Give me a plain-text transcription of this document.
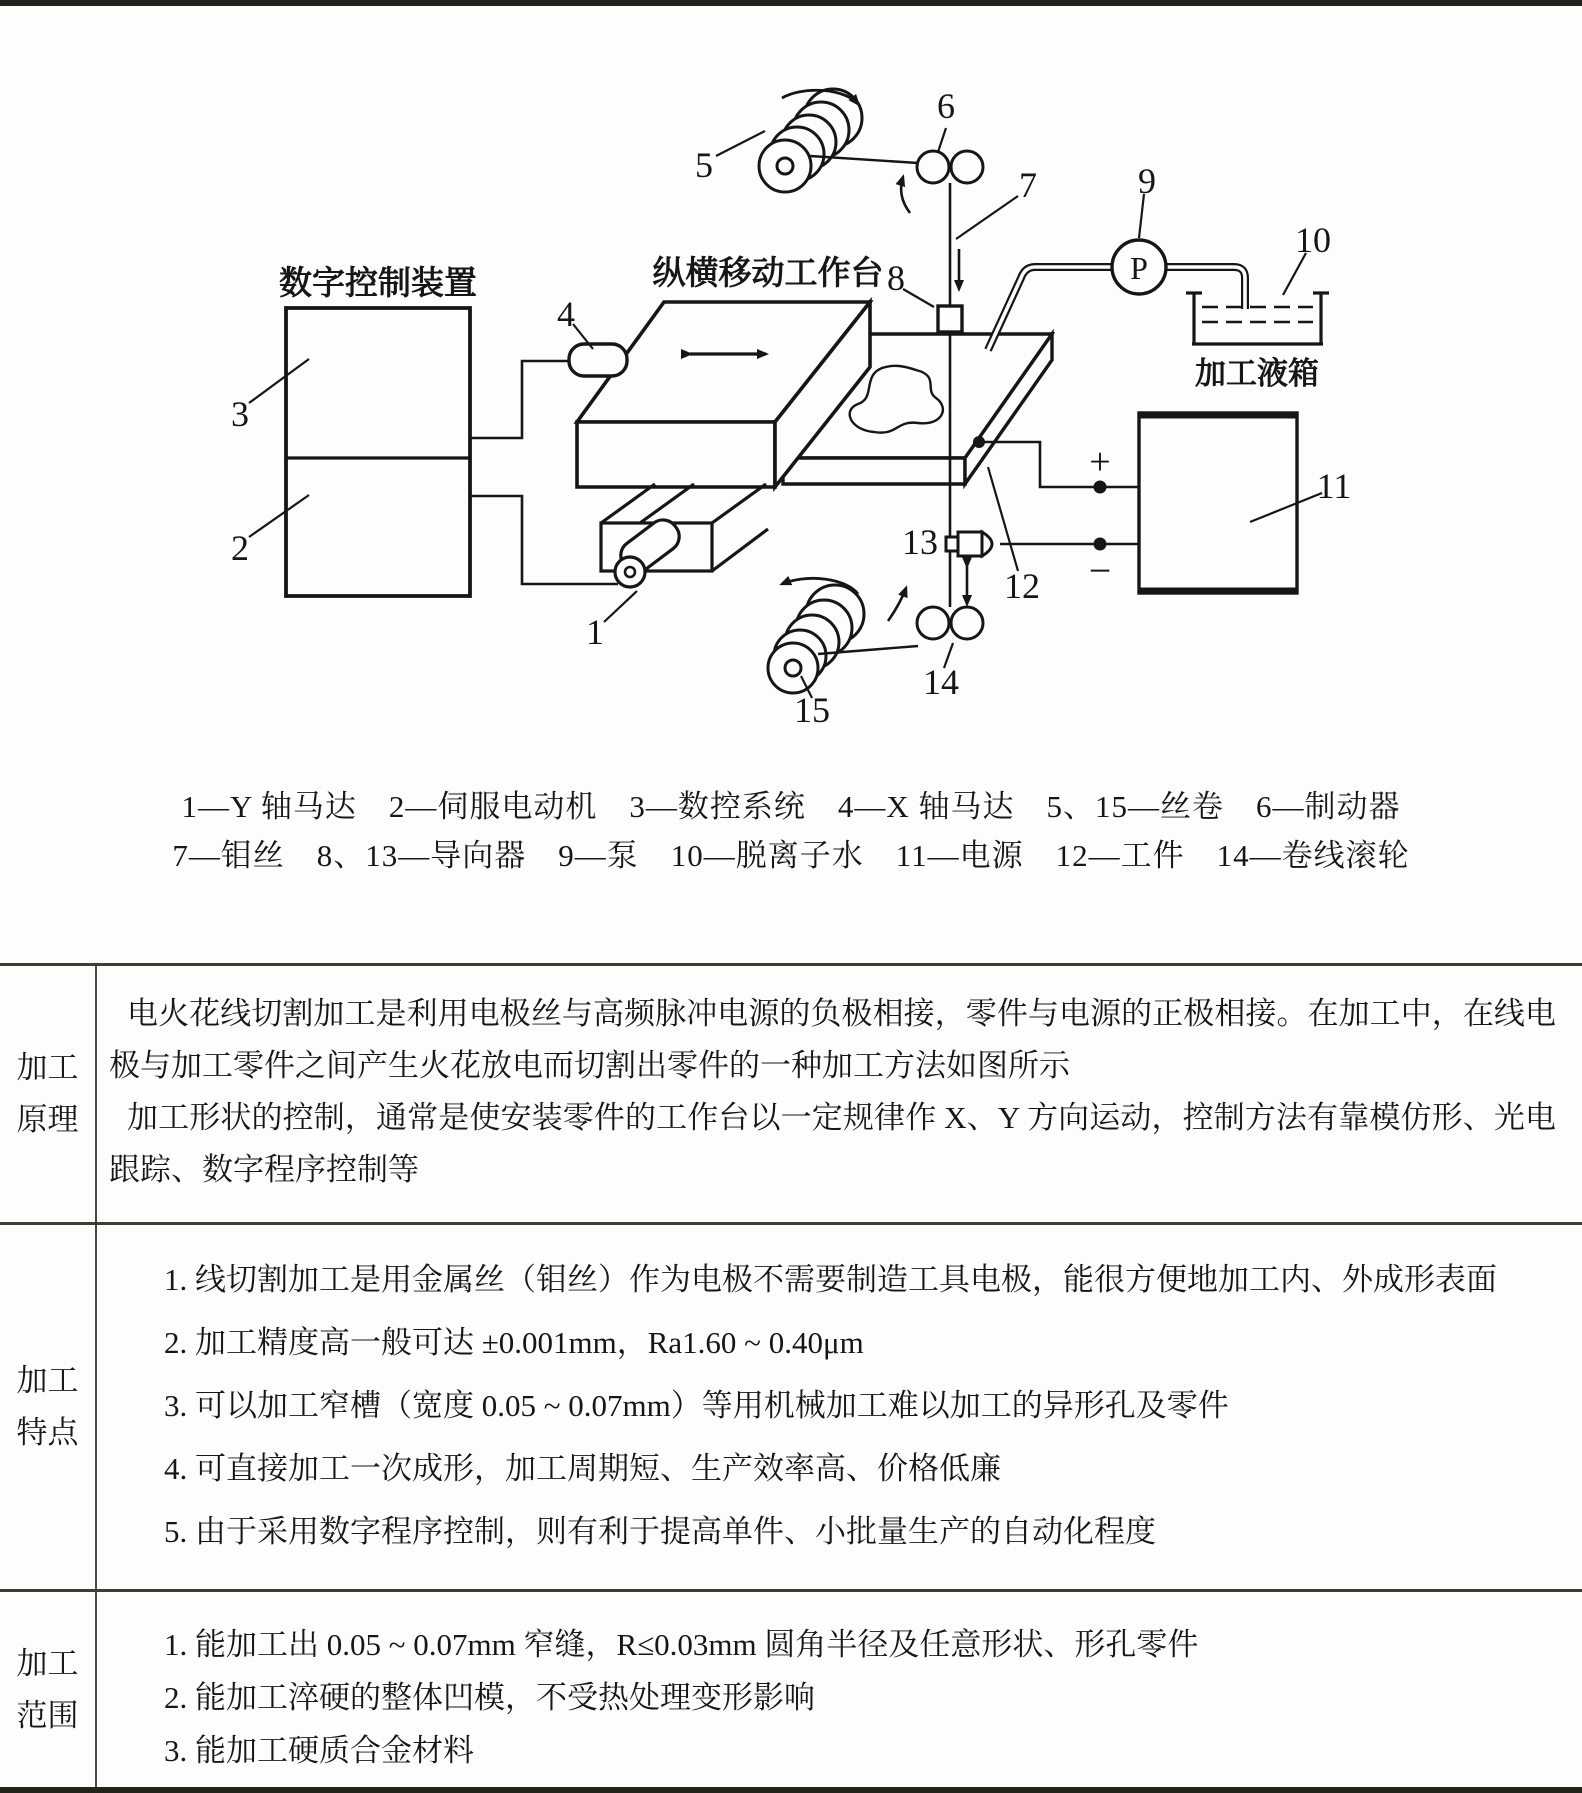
P
加工液箱
+
−
数字控制装置	纵横移动工作台
1
2
3
4
5
6
7
8
9
10
11
12
13
14
15
1—Y 轴马达　2—伺服电动机　3—数控系统　4—X 轴马达　5、15—丝卷　6—制动器
7—钼丝　8、13—导向器　9—泵　10—脱离子水　11—电源　12—工件　14—卷线滚轮
加工
原理
电火花线切割加工是利用电极丝与高频脉冲电源的负极相接，零件与电源的正极相接。在加工中，在线电极与加工零件之间产生火花放电而切割出零件的一种加工方法如图所示
加工形状的控制，通常是使安装零件的工作台以一定规律作 X、Y 方向运动，控制方法有靠模仿形、光电跟踪、数字程序控制等
加工
特点
1. 线切割加工是用金属丝（钼丝）作为电极不需要制造工具电极，能很方便地加工内、外成形表面
2. 加工精度高一般可达 ±0.001mm，Ra1.60 ~ 0.40μm
3. 可以加工窄槽（宽度 0.05 ~ 0.07mm）等用机械加工难以加工的异形孔及零件
4. 可直接加工一次成形，加工周期短、生产效率高、价格低廉
5. 由于采用数字程序控制，则有利于提高单件、小批量生产的自动化程度
加工
范围
1. 能加工出 0.05 ~ 0.07mm 窄缝，R≤0.03mm 圆角半径及任意形状、形孔零件
2. 能加工淬硬的整体凹模，不受热处理变形影响
3. 能加工硬质合金材料
